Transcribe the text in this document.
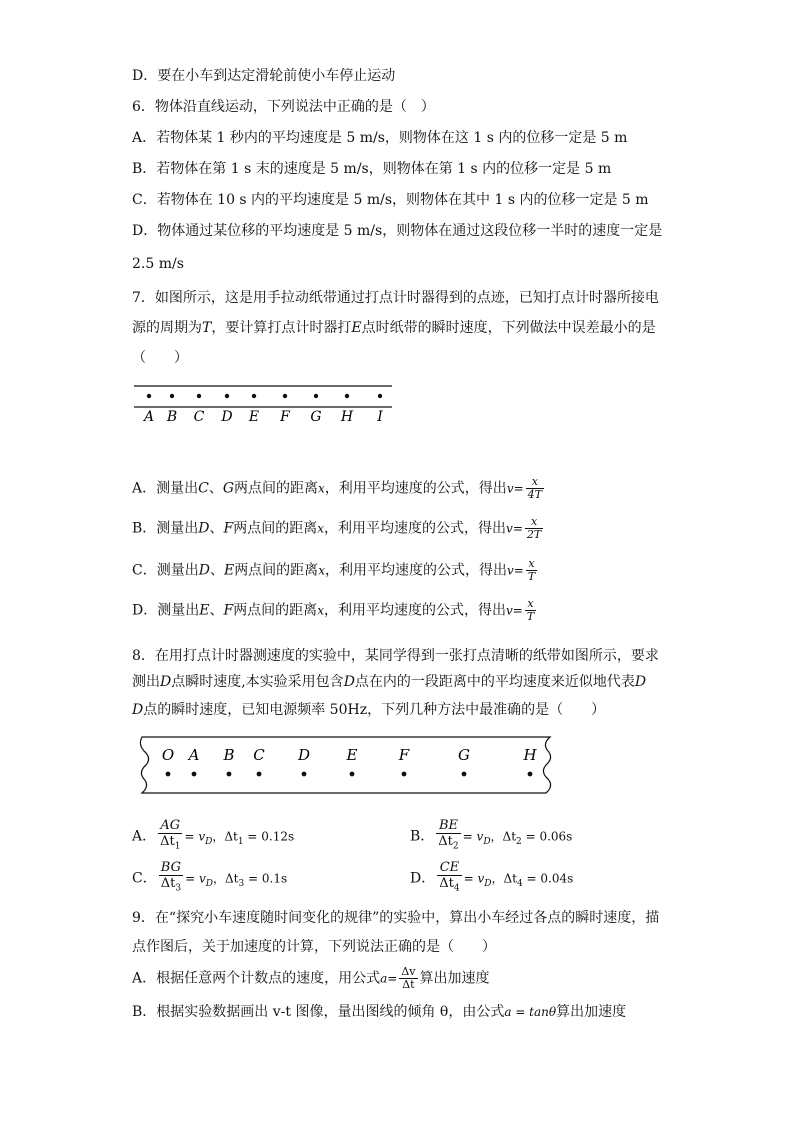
D．要在小车到达定滑轮前使小车停止运动
6．物体沿直线运动，下列说法中正确的是（　）
A．若物体某 1 秒内的平均速度是 5 m/s，则物体在这 1 s 内的位移一定是 5 m
B．若物体在第 1 s 末的速度是 5 m/s，则物体在第 1 s 内的位移一定是 5 m
C．若物体在 10 s 内的平均速度是 5 m/s，则物体在其中 1 s 内的位移一定是 5 m
D．物体通过某位移的平均速度是 5 m/s，则物体在通过这段位移一半时的速度一定是
2.5 m/s
7．如图所示，这是用手拉动纸带通过打点计时器得到的点迹，已知打点计时器所接电
源的周期为T，要计算打点计时器打E点时纸带的瞬时速度，下列做法中误差最小的是
（　　）
A B C D E F G H I
A．测量出C、G两点间的距离x，利用平均速度的公式，得出$v= \frac{x}{4T}$
B．测量出D、F两点间的距离x，利用平均速度的公式，得出$v= \frac{x}{2T}$
C．测量出D、E两点间的距离x，利用平均速度的公式，得出$v= \frac{x}{T}$
D．测量出E、F两点间的距离x，利用平均速度的公式，得出$v= \frac{x}{T}$
8．在用打点计时器测速度的实验中，某同学得到一张打点清晰的纸带如图所示，要求
测出D点瞬时速度,本实验采用包含D点在内的一段距离中的平均速度来近似地代表D
D点的瞬时速度，已知电源频率 50Hz，下列几种方法中最准确的是（　　）
O A B C D E	F	G	H
A． $\frac{AG}{\Delta t_1} = v_D$，$\Delta t_1 = 0.12s$	B． $\frac{BE}{\Delta t_2} = v_D$，$\Delta t_2 = 0.06s$
C． $\frac{BG}{\Delta t_3} = v_D$，$\Delta t_3 = 0.1s$	D． $\frac{CE}{\Delta t_4} = v_D$，$\Delta t_4 = 0.04s$
9．在“探究小车速度随时间变化的规律”的实验中，算出小车经过各点的瞬时速度，描
点作图后，关于加速度的计算，下列说法正确的是（　　）
A．根据任意两个计数点的速度，用公式$a= \frac{\Delta v}{\Delta t}$ 算出加速度
B．根据实验数据画出 v-t 图像，量出图线的倾角 θ，由公式a = tanθ算出加速度
